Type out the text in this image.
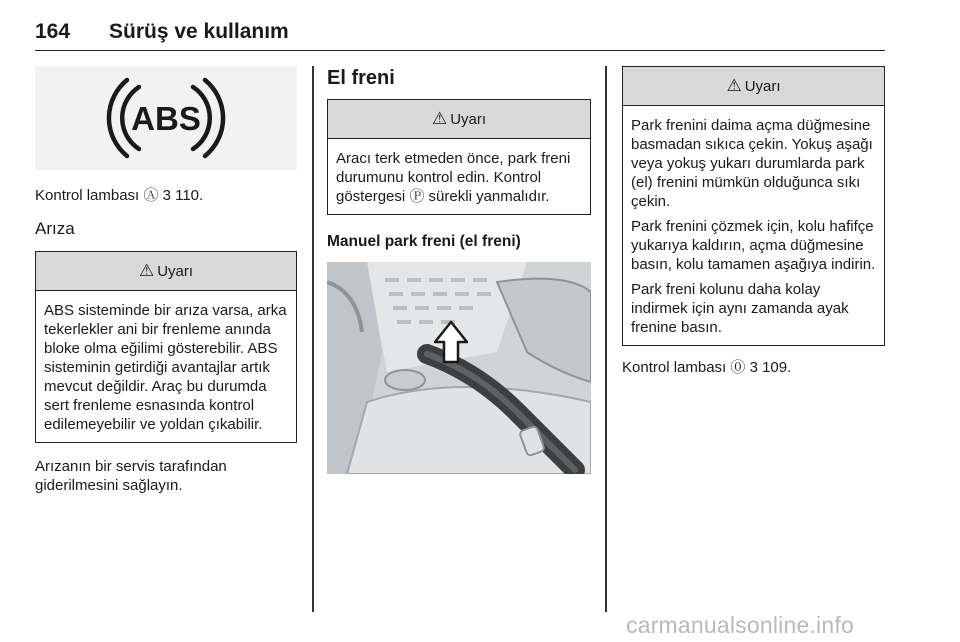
164 Sürüş ve kullanım
ABS

Kontrol lambası Ⓐ 3 110.

Arıza

⚠ Uyarı

ABS sisteminde bir arıza varsa, arka tekerlekler ani bir frenleme anında bloke olma eğilimi gösterebilir. ABS sisteminin getirdiği avantajlar artık mevcut değildir. Araç bu durumda sert frenleme esnasında kontrol edilemeyebilir ve yoldan çıkabilir.

Arızanın bir servis tarafından giderilmesini sağlayın.

El freni

⚠ Uyarı

Aracı terk etmeden önce, park freni durumunu kontrol edin. Kontrol göstergesi Ⓟ sürekli yanmalıdır.

Manuel park freni (el freni)

⚠ Uyarı

Park frenini daima açma düğmesine basmadan sıkıca çekin. Yokuş aşağı veya yokuş yukarı durumlarda park (el) frenini mümkün olduğunca sıkı çekin.

Park frenini çözmek için, kolu hafifçe yukarıya kaldırın, açma düğmesine basın, kolu tamamen aşağıya indirin.

Park freni kolunu daha kolay indirmek için aynı zamanda ayak frenine basın.

Kontrol lambası ⓪ 3 109.

carmanualsonline.info
